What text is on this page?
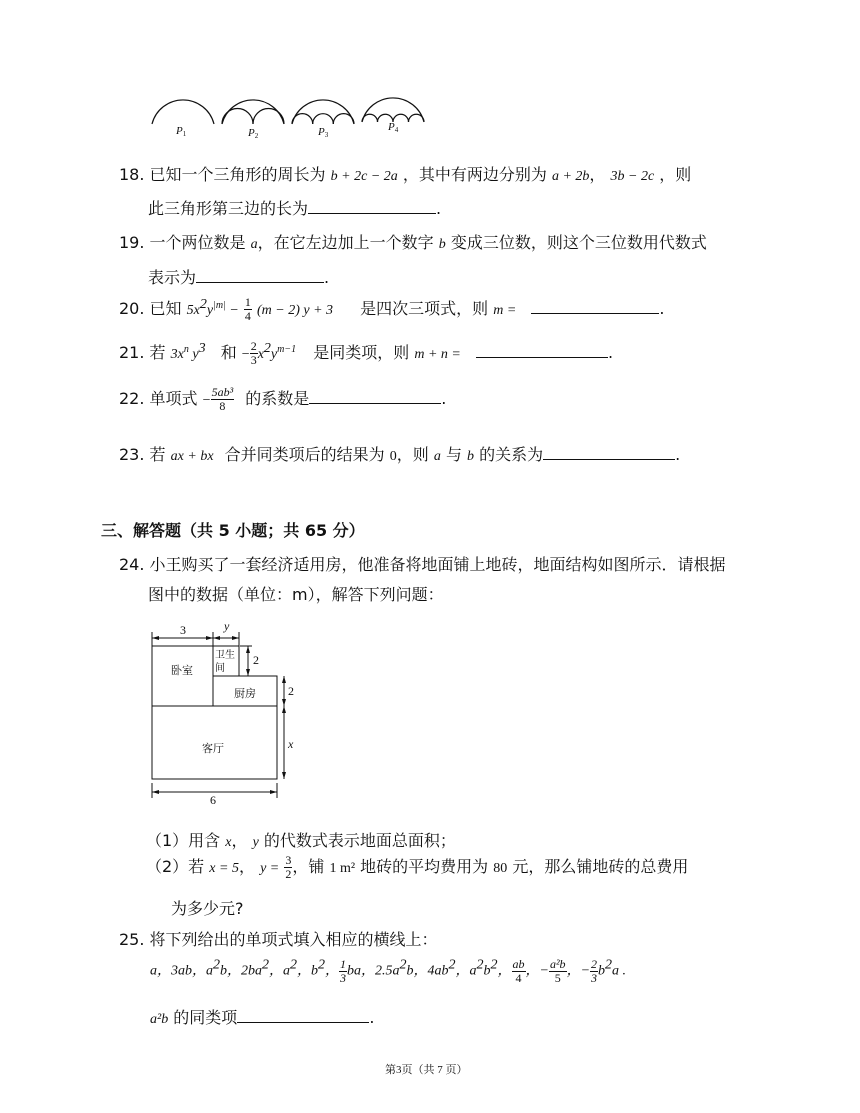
P1	P2	P3
P4
18. 已知一个三角形的周长为 b + 2c − 2a ，其中有两边分别为 a + 2b， 3b − 2c ，则
此三角形第三边的长为	.
19. 一个两位数是 a，在它左边加上一个数字 b 变成三位数，则这个三位数用代数式
表示为	.
20. 已知 $5x^2y^{|m|} - \frac{1}{4} (m - 2) y + 3$ 是四次三项式，则 m =	.
21. 若 $3x^n$ $y^3$ 和 − $\frac{2}{3} x^2y^{m-1}$ 是同类项，则 m + n =	.
22. 单项式 − $\frac{\text{5ab³}}{8}$ 的系数是	.
23. 若 ax + bx 合并同类项后的结果为 0，则 a 与 b 的关系为	.
三、解答题（共 5 小题；共 65 分）
24. 小王购买了一套经济适用房，他准备将地面铺上地砖，地面结构如图所示．请根据
图中的数据（单位：m），解答下列问题：
3	y
2
2
x
6
卧室
卫生
间
厨房
客厅
（1）用含 x， y 的代数式表示地面总面积；
（2）若 x = 5， $y = \frac{3}{2}$ ，铺 1 m² 地砖的平均费用为 80 元，那么铺地砖的总费用
为多少元?
25. 将下列给出的单项式填入相应的横线上：
a，3ab，$a^2b$，$2ba^2$，$a^2$，$b^2$， $\frac{1}{3}$ ba，$2.5a^2b$，$4ab^2$，$a^2b^2$， $\frac{ab}{4}$ ，− $\frac{\text{a²b}}{5}$ ，− $\frac{2}{3} b^2a$ .
a²b 的同类项	.
第3页（共 7 页）
